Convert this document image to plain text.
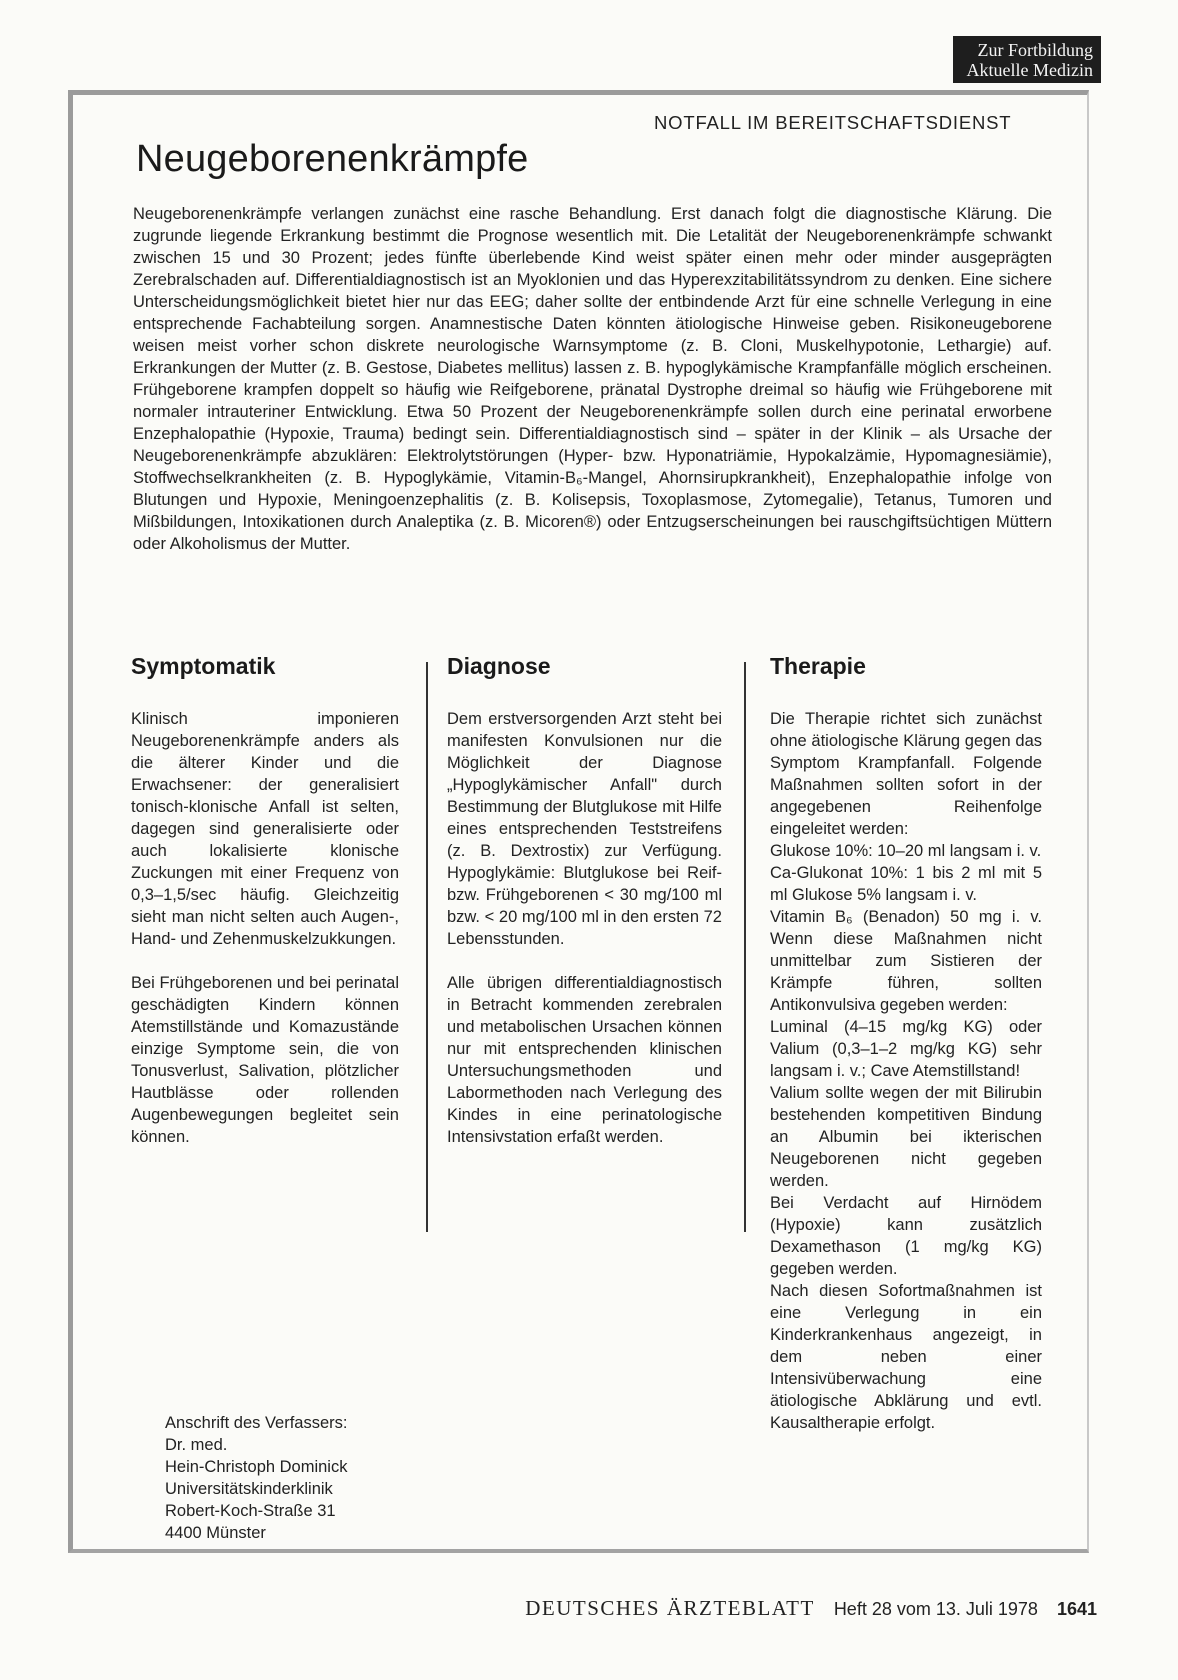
Zur Fortbildung
Aktuelle Medizin
NOTFALL IM BEREITSCHAFTSDIENST
Neugeborenenkrämpfe

Neugeborenenkrämpfe verlangen zunächst eine rasche Behandlung. Erst danach folgt die diagnostische Klärung. Die zugrunde liegende Erkrankung bestimmt die Prognose wesentlich mit. Die Letalität der Neugeborenenkrämpfe schwankt zwischen 15 und 30 Prozent; jedes fünfte überlebende Kind weist später einen mehr oder minder ausgeprägten Zerebralschaden auf. Differentialdiagnostisch ist an Myoklonien und das Hyperexzitabilitätssyndrom zu denken. Eine sichere Unterscheidungsmöglichkeit bietet hier nur das EEG; daher sollte der entbindende Arzt für eine schnelle Verlegung in eine entsprechende Fachabteilung sorgen. Anamnestische Daten könnten ätiologische Hinweise geben. Risikoneugeborene weisen meist vorher schon diskrete neurologische Warnsymptome (z. B. Cloni, Muskelhypotonie, Lethargie) auf. Erkrankungen der Mutter (z. B. Gestose, Diabetes mellitus) lassen z. B. hypoglykämische Krampfanfälle möglich erscheinen. Frühgeborene krampfen doppelt so häufig wie Reifgeborene, pränatal Dystrophe dreimal so häufig wie Frühgeborene mit normaler intrauteriner Entwicklung. Etwa 50 Prozent der Neugeborenenkrämpfe sollen durch eine perinatal erworbene Enzephalopathie (Hypoxie, Trauma) bedingt sein. Differentialdiagnostisch sind – später in der Klinik – als Ursache der Neugeborenenkrämpfe abzuklären: Elektrolytstörungen (Hyper- bzw. Hyponatriämie, Hypokalzämie, Hypomagnesiämie), Stoffwechselkrankheiten (z. B. Hypoglykämie, Vitamin-B₆-Mangel, Ahornsirupkrankheit), Enzephalopathie infolge von Blutungen und Hypoxie, Meningoenzephalitis (z. B. Kolisepsis, Toxoplasmose, Zytomegalie), Tetanus, Tumoren und Mißbildungen, Intoxikationen durch Analeptika (z. B. Micoren®) oder Entzugserscheinungen bei rauschgiftsüchtigen Müttern oder Alkoholismus der Mutter.

Symptomatik

Klinisch imponieren Neugeborenenkrämpfe anders als die älterer Kinder und die Erwachsener: der generalisiert tonisch-klonische Anfall ist selten, dagegen sind generalisierte oder auch lokalisierte klonische Zuckungen mit einer Frequenz von 0,3–1,5/sec häufig. Gleichzeitig sieht man nicht selten auch Augen-, Hand- und Zehenmuskelzukkungen.

Bei Frühgeborenen und bei perinatal geschädigten Kindern können Atemstillstände und Komazustände einzige Symptome sein, die von Tonusverlust, Salivation, plötzlicher Hautblässe oder rollenden Augenbewegungen begleitet sein können.

Diagnose

Dem erstversorgenden Arzt steht bei manifesten Konvulsionen nur die Möglichkeit der Diagnose „Hypoglykämischer Anfall" durch Bestimmung der Blutglukose mit Hilfe eines entsprechenden Teststreifens (z. B. Dextrostix) zur Verfügung. Hypoglykämie: Blutglukose bei Reif- bzw. Frühgeborenen < 30 mg/100 ml bzw. < 20 mg/100 ml in den ersten 72 Lebensstunden.

Alle übrigen differentialdiagnostisch in Betracht kommenden zerebralen und metabolischen Ursachen können nur mit entsprechenden klinischen Untersuchungsmethoden und Labormethoden nach Verlegung des Kindes in eine perinatologische Intensivstation erfaßt werden.

Therapie

Die Therapie richtet sich zunächst ohne ätiologische Klärung gegen das Symptom Krampfanfall. Folgende Maßnahmen sollten sofort in der angegebenen Reihenfolge eingeleitet werden:

Glukose 10%: 10–20 ml langsam i. v.

Ca-Glukonat 10%: 1 bis 2 ml mit 5 ml Glukose 5% langsam i. v.

Vitamin B₆ (Benadon) 50 mg i. v. Wenn diese Maßnahmen nicht unmittelbar zum Sistieren der Krämpfe führen, sollten Antikonvulsiva gegeben werden:

Luminal (4–15 mg/kg KG) oder Valium (0,3–1–2 mg/kg KG) sehr langsam i. v.; Cave Atemstillstand!

Valium sollte wegen der mit Bilirubin bestehenden kompetitiven Bindung an Albumin bei ikterischen Neugeborenen nicht gegeben werden.

Bei Verdacht auf Hirnödem (Hypoxie) kann zusätzlich Dexamethason (1 mg/kg KG) gegeben werden.

Nach diesen Sofortmaßnahmen ist eine Verlegung in ein Kinderkrankenhaus angezeigt, in dem neben einer Intensivüberwachung eine ätiologische Abklärung und evtl. Kausaltherapie erfolgt.

Anschrift des Verfassers:
Dr. med.
Hein-Christoph Dominick
Universitätskinderklinik
Robert-Koch-Straße 31
4400 Münster
DEUTSCHES ÄRZTEBLATT Heft 28 vom 13. Juli 1978 1641
